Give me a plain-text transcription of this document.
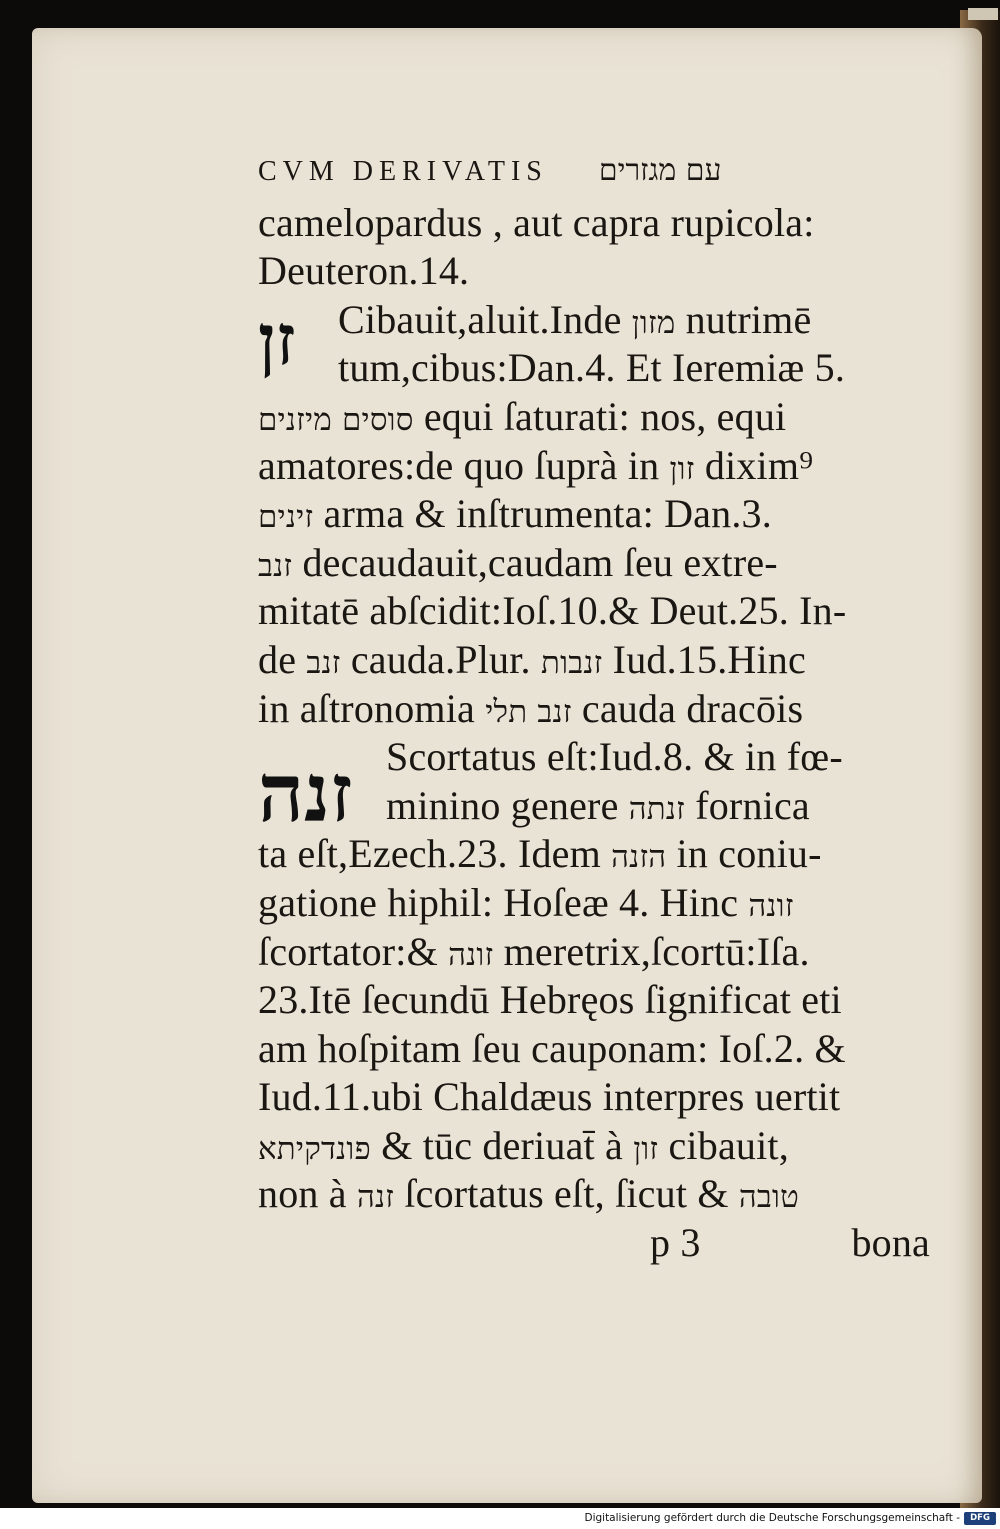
זן
זנה
CVM DERIVATIS עם מגזרים
camelopardus , aut capra rupicola:
Deuteron.14.
Cibauit,aluit.Inde מזון nutrimē
tum,cibus:Dan.4. Et Ieremiæ 5.
סוסים מיזנים equi ſaturati: nos, equi
amatores:de quo ſuprà in זון dixim⁹
זינים arma & inſtrumenta: Dan.3.
זנב decaudauit,caudam ſeu extre-
mitatē abſcidit:Ioſ.10.& Deut.25. In-
de זנב cauda.Plur. זנבות Iud.15.Hinc
in aſtronomia זנב תלי cauda dracōis
Scortatus eſt:Iud.8. & in fœ-
minino genere זנתה fornica
ta eſt,Ezech.23. Idem הזנה in coniu-
gatione hiphil: Hoſeæ 4. Hinc זונה
ſcortator:& זונה meretrix,ſcortū:Iſa.
23.Itē ſecundū Hebręos ſignificat eti
am hoſpitam ſeu cauponam: Ioſ.2. &
Iud.11.ubi Chaldæus interpres uertit
פונדקיתא & tūc deriuat̄ à זון cibauit,
non à זנה ſcortatus eſt, ſicut & טובה
p 3	bona
Digitalisierung gefördert durch die Deutsche Forschungsgemeinschaft -	DFG
